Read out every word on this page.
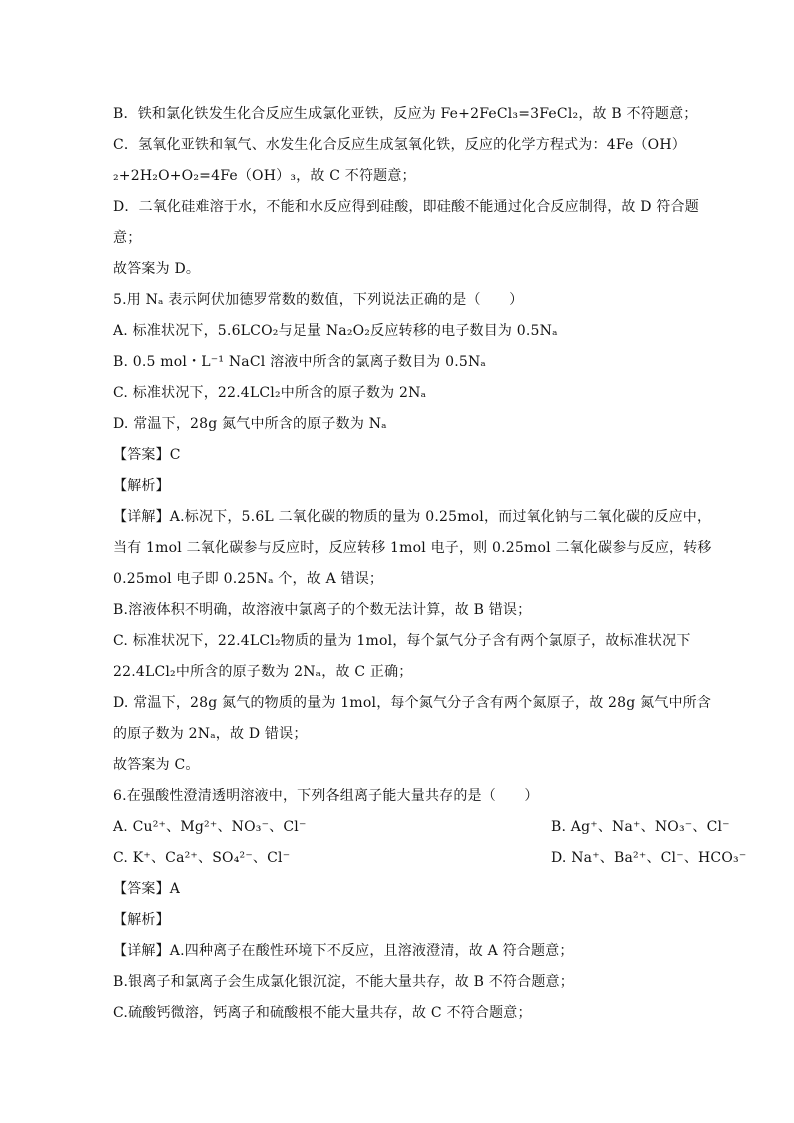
B．铁和氯化铁发生化合反应生成氯化亚铁，反应为 Fe+2FeCl₃=3FeCl₂，故 B 不符题意；
C．氢氧化亚铁和氧气、水发生化合反应生成氢氧化铁，反应的化学方程式为：4Fe（OH）
₂+2H₂O+O₂=4Fe（OH）₃，故 C 不符题意；
D．二氧化硅难溶于水，不能和水反应得到硅酸，即硅酸不能通过化合反应制得，故 D 符合题
意；
故答案为 D。
5.用 Nₐ 表示阿伏加德罗常数的数值，下列说法正确的是（　　）
A. 标准状况下，5.6LCO₂与足量 Na₂O₂反应转移的电子数目为 0.5Nₐ
B. 0.5 mol・L⁻¹ NaCl 溶液中所含的氯离子数目为 0.5Nₐ
C. 标准状况下，22.4LCl₂中所含的原子数为 2Nₐ
D. 常温下，28g 氮气中所含的原子数为 Nₐ
【答案】C
【解析】
【详解】A.标况下，5.6L 二氧化碳的物质的量为 0.25mol，而过氧化钠与二氧化碳的反应中，
当有 1mol 二氧化碳参与反应时，反应转移 1mol 电子，则 0.25mol 二氧化碳参与反应，转移
0.25mol 电子即 0.25Nₐ 个，故 A 错误；
B.溶液体积不明确，故溶液中氯离子的个数无法计算，故 B 错误；
C. 标准状况下，22.4LCl₂物质的量为 1mol，每个氯气分子含有两个氯原子，故标准状况下
22.4LCl₂中所含的原子数为 2Nₐ，故 C 正确；
D. 常温下，28g 氮气的物质的量为 1mol，每个氮气分子含有两个氮原子，故 28g 氮气中所含
的原子数为 2Nₐ，故 D 错误；
故答案为 C。
6.在强酸性澄清透明溶液中，下列各组离子能大量共存的是（　　）
A. Cu²⁺、Mg²⁺、NO₃⁻、Cl⁻	B. Ag⁺、Na⁺、NO₃⁻、Cl⁻
C. K⁺、Ca²⁺、SO₄²⁻、Cl⁻	D. Na⁺、Ba²⁺、Cl⁻、HCO₃⁻
【答案】A
【解析】
【详解】A.四种离子在酸性环境下不反应，且溶液澄清，故 A 符合题意；
B.银离子和氯离子会生成氯化银沉淀，不能大量共存，故 B 不符合题意；
C.硫酸钙微溶，钙离子和硫酸根不能大量共存，故 C 不符合题意；
